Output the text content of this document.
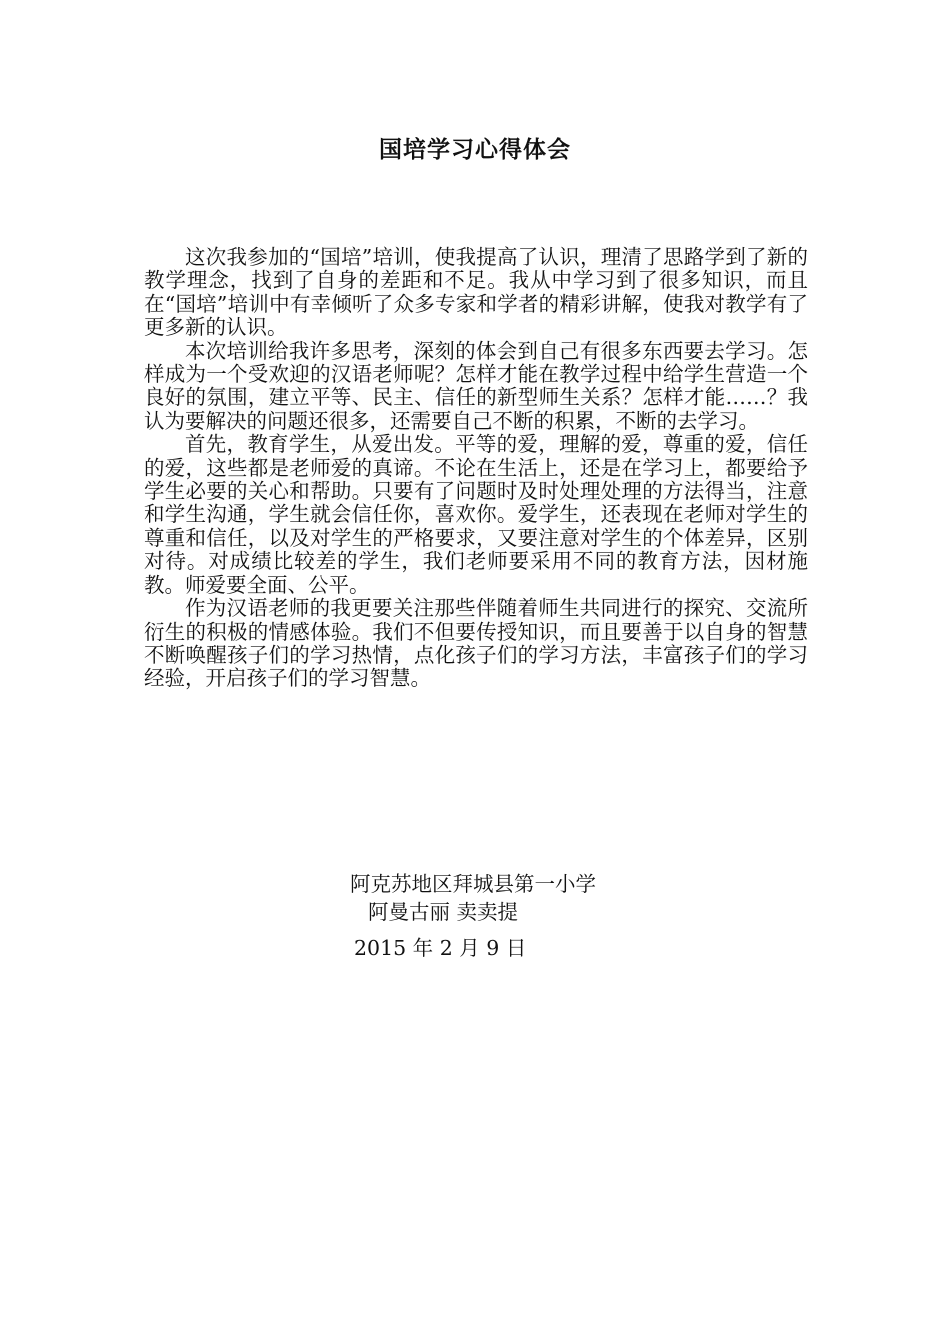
国培学习心得体会

这次我参加的“国培”培训，使我提高了认识，理清了思路学到了新的教学理念，找到了自身的差距和不足。我从中学习到了很多知识，而且在“国培”培训中有幸倾听了众多专家和学者的精彩讲解，使我对教学有了更多新的认识。

本次培训给我许多思考，深刻的体会到自己有很多东西要去学习。怎样成为一个受欢迎的汉语老师呢？怎样才能在教学过程中给学生营造一个良好的氛围，建立平等、民主、信任的新型师生关系？怎样才能……？我认为要解决的问题还很多，还需要自己不断的积累，不断的去学习。

首先，教育学生，从爱出发。平等的爱，理解的爱，尊重的爱，信任的爱，这些都是老师爱的真谛。不论在生活上，还是在学习上，都要给予学生必要的关心和帮助。只要有了问题时及时处理处理的方法得当，注意和学生沟通，学生就会信任你，喜欢你。爱学生，还表现在老师对学生的尊重和信任，以及对学生的严格要求，又要注意对学生的个体差异，区别对待。对成绩比较差的学生，我们老师要采用不同的教育方法，因材施教。师爱要全面、公平。

作为汉语老师的我更要关注那些伴随着师生共同进行的探究、交流所衍生的积极的情感体验。我们不但要传授知识，而且要善于以自身的智慧不断唤醒孩子们的学习热情，点化孩子们的学习方法，丰富孩子们的学习经验，开启孩子们的学习智慧。

阿克苏地区拜城县第一小学
阿曼古丽 卖卖提
2015 年 2 月 9 日
